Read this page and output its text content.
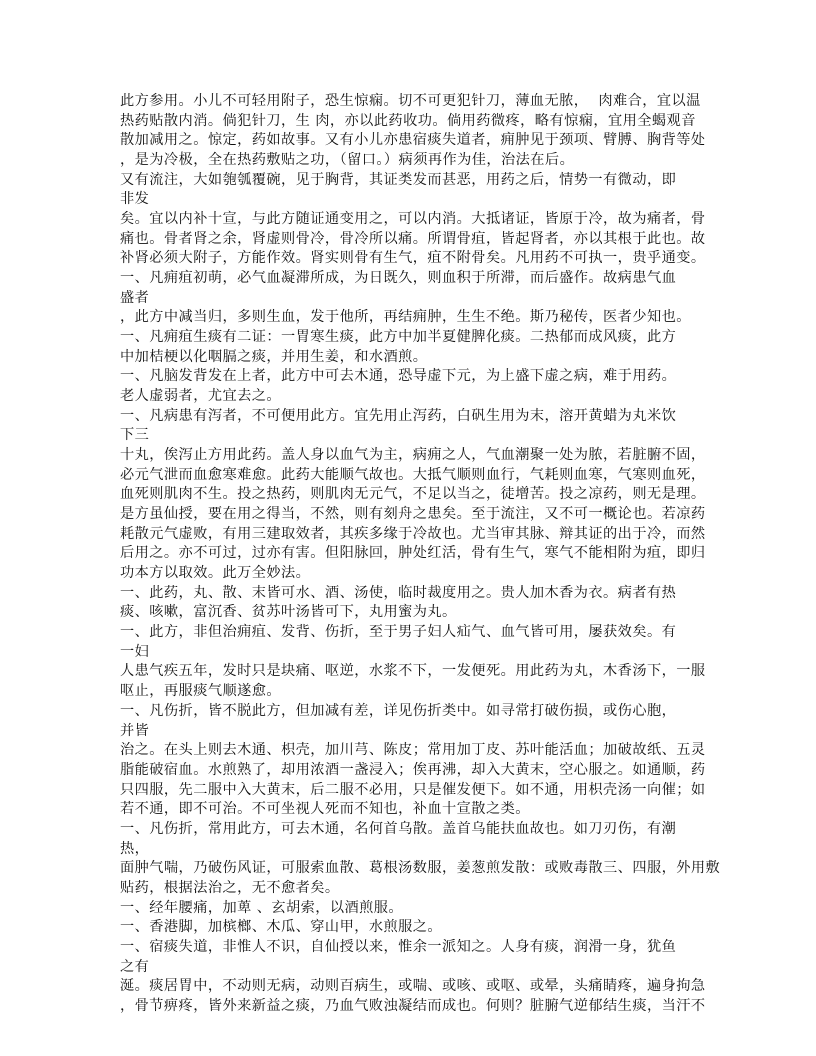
此方参用。小儿不可轻用附子，恐生惊痫。切不可更犯针刀，薄血无脓，  肉难合，宜以温
热药贴散内消。倘犯针刀，生 肉，亦以此药收功。倘用药微疼，略有惊痫，宜用全蝎观音
散加减用之。惊定，药如故事。又有小儿亦患宿痰失道者，痈肿见于颈项、臂膊、胸背等处
，是为冷极，全在热药敷贴之功，（留口。）病须再作为佳，治法在后。
又有流注，大如匏瓠覆碗，见于胸背，其证类发而甚恶，用药之后，情势一有微动，即
非发
矣。宜以内补十宣，与此方随证通变用之，可以内消。大抵诸证，皆原于冷，故为痛者，骨
痛也。骨者肾之余，肾虚则骨冷，骨冷所以痛。所谓骨疽，皆起肾者，亦以其根于此也。故
补肾必须大附子，方能作效。肾实则骨有生气，疽不附骨矣。凡用药不可执一，贵乎通变。
一、凡痈疽初萌，必气血凝滞所成，为日既久，则血积于所滞，而后盛作。故病患气血
盛者
，此方中减当归，多则生血，发于他所，再结痈肿，生生不绝。斯乃秘传，医者少知也。
一、凡痈疽生痰有二证：一胃寒生痰，此方中加半夏健脾化痰。二热郁而成风痰，此方
中加桔梗以化咽膈之痰，并用生姜，和水酒煎。
一、凡脑发背发在上者，此方中可去木通，恐导虚下元，为上盛下虚之病，难于用药。
老人虚弱者，尤宜去之。
一、凡病患有泻者，不可便用此方。宜先用止泻药，白矾生用为末，溶开黄蜡为丸米饮
下三
十丸，俟泻止方用此药。盖人身以血气为主，病痈之人，气血潮聚一处为脓，若脏腑不固，
必元气泄而血愈寒难愈。此药大能顺气故也。大抵气顺则血行，气耗则血寒，气寒则血死，
血死则肌肉不生。投之热药，则肌肉无元气，不足以当之，徒增苦。投之凉药，则无是理。
是方虽仙授，要在用之得当，不然，则有刻舟之患矣。至于流注，又不可一概论也。若凉药
耗散元气虚败，有用三建取效者，其疾多缘于冷故也。尤当审其脉、辩其证的出于冷，而然
后用之。亦不可过，过亦有害。但阳脉回，肿处红活，骨有生气，寒气不能相附为疽，即归
功本方以取效。此万全妙法。
一、此药，丸、散、末皆可水、酒、汤使，临时裁度用之。贵人加木香为衣。病者有热
痰、咳嗽，富沉香、贫苏叶汤皆可下，丸用蜜为丸。
一、此方，非但治痈疽、发背、伤折，至于男子妇人疝气、血气皆可用，屡获效矣。有
一妇
人患气疾五年，发时只是块痛、呕逆，水浆不下，一发便死。用此药为丸，木香汤下，一服
呕止，再服痰气顺遂愈。
一、凡伤折，皆不脱此方，但加减有差，详见伤折类中。如寻常打破伤损，或伤心胞，
并皆
治之。在头上则去木通、枳壳，加川芎、陈皮；常用加丁皮、苏叶能活血；加破故纸、五灵
脂能破宿血。水煎熟了，却用浓酒一盏浸入；俟再沸，却入大黄末，空心服之。如通顺，药
只四服，先二服中入大黄末，后二服不必用，只是催发便下。如不通，用枳壳汤一向催；如
若不通，即不可治。不可坐视人死而不知也，补血十宣散之类。
一、凡伤折，常用此方，可去木通，名何首乌散。盖首乌能扶血故也。如刀刃伤，有潮
热，
面肿气喘，乃破伤风证，可服索血散、葛根汤数服，姜葱煎发散：或败毒散三、四服，外用敷
贴药，根据法治之，无不愈者矣。
一、经年腰痛，加萆 、玄胡索，以酒煎服。
一、香港脚，加槟榔、木瓜、穿山甲，水煎服之。
一、宿痰失道，非惟人不识，自仙授以来，惟余一派知之。人身有痰，润滑一身，犹鱼
之有
涎。痰居胃中，不动则无病，动则百病生，或喘、或咳、或呕、或晕，头痛睛疼，遍身拘急
，骨节痹疼，皆外来新益之痰，乃血气败浊凝结而成也。何则？脏腑气逆郁结生痰，当汗不
